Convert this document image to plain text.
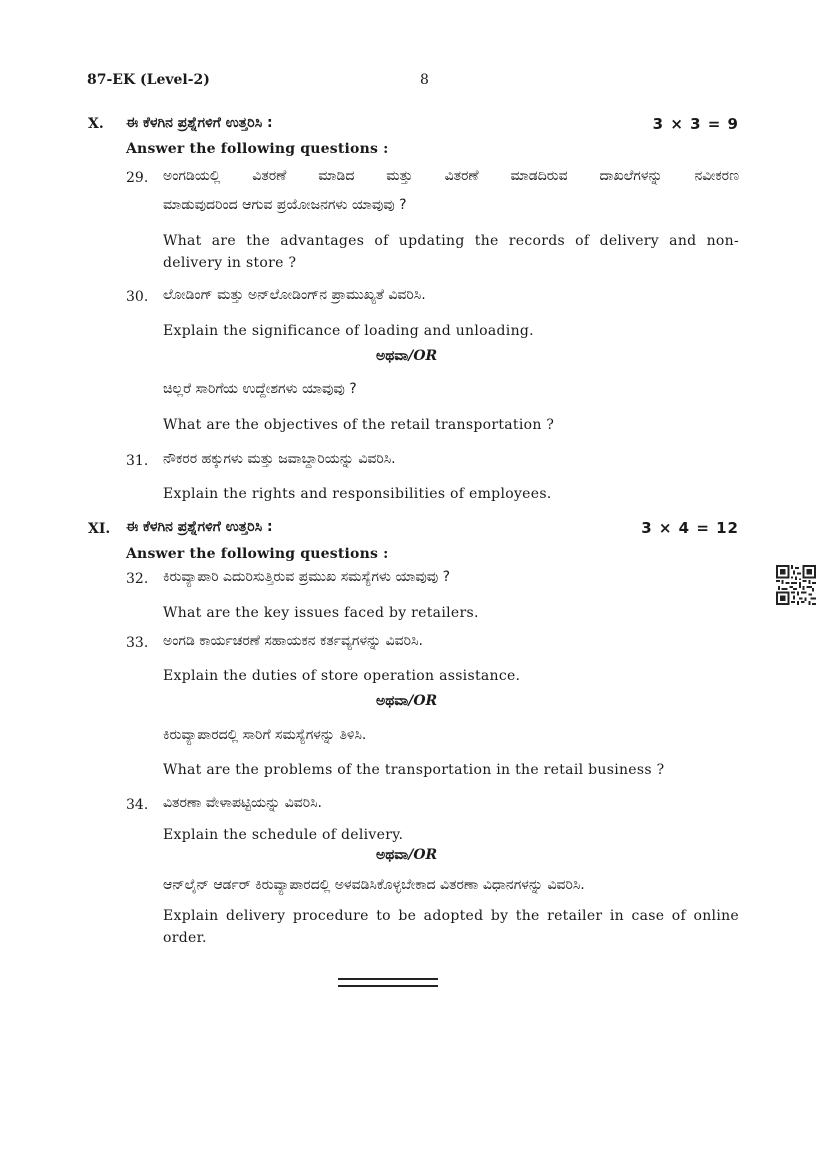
87-EK (Level-2)	8
X. ಈ ಕೆಳಗಿನ ಪ್ರಶ್ನೆಗಳಿಗೆ ಉತ್ತರಿಸಿ :	3 × 3 = 9
Answer the following questions :
29. ಅಂಗಡಿಯಲ್ಲಿ ವಿತರಣೆ ಮಾಡಿದ ಮತ್ತು ವಿತರಣೆ ಮಾಡದಿರುವ ದಾಖಲೆಗಳನ್ನು ನವೀಕರಣ
ಮಾಡುವುದರಿಂದ ಆಗುವ ಪ್ರಯೋಜನಗಳು ಯಾವುವು ?
What are the advantages of updating the records of delivery and non-
delivery in store ?
30. ಲೋಡಿಂಗ್ ಮತ್ತು ಅನ್‌ಲೋಡಿಂಗ್‌ನ ಪ್ರಾಮುಖ್ಯತೆ ವಿವರಿಸಿ.
Explain the significance of loading and unloading.
ಅಥವಾ/OR
ಚಿಲ್ಲರೆ ಸಾರಿಗೆಯ ಉದ್ದೇಶಗಳು ಯಾವುವು ?
What are the objectives of the retail transportation ?
31. ನೌಕರರ ಹಕ್ಕುಗಳು ಮತ್ತು ಜವಾಬ್ದಾರಿಯನ್ನು ವಿವರಿಸಿ.
Explain the rights and responsibilities of employees.
XI. ಈ ಕೆಳಗಿನ ಪ್ರಶ್ನೆಗಳಿಗೆ ಉತ್ತರಿಸಿ :	3 × 4 = 12
Answer the following questions :
32. ಕಿರುವ್ಯಾಪಾರಿ ಎದುರಿಸುತ್ತಿರುವ ಪ್ರಮುಖ ಸಮಸ್ಯೆಗಳು ಯಾವುವು ?
What are the key issues faced by retailers.
33. ಅಂಗಡಿ ಕಾರ್ಯಚರಣೆ ಸಹಾಯಕನ ಕರ್ತವ್ಯಗಳನ್ನು ವಿವರಿಸಿ.
Explain the duties of store operation assistance.
ಅಥವಾ/OR
ಕಿರುವ್ಯಾಪಾರದಲ್ಲಿ ಸಾರಿಗೆ ಸಮಸ್ಯೆಗಳನ್ನು ತಿಳಿಸಿ.
What are the problems of the transportation in the retail business ?
34. ವಿತರಣಾ ವೇಳಾಪಟ್ಟಿಯನ್ನು ವಿವರಿಸಿ.
Explain the schedule of delivery.
ಅಥವಾ/OR
ಆನ್‌ಲೈನ್ ಆರ್ಡರ್ ಕಿರುವ್ಯಾಪಾರದಲ್ಲಿ ಅಳವಡಿಸಿಕೊಳ್ಳಬೇಕಾದ ವಿತರಣಾ ವಿಧಾನಗಳನ್ನು ವಿವರಿಸಿ.
Explain delivery procedure to be adopted by the retailer in case of online
order.
